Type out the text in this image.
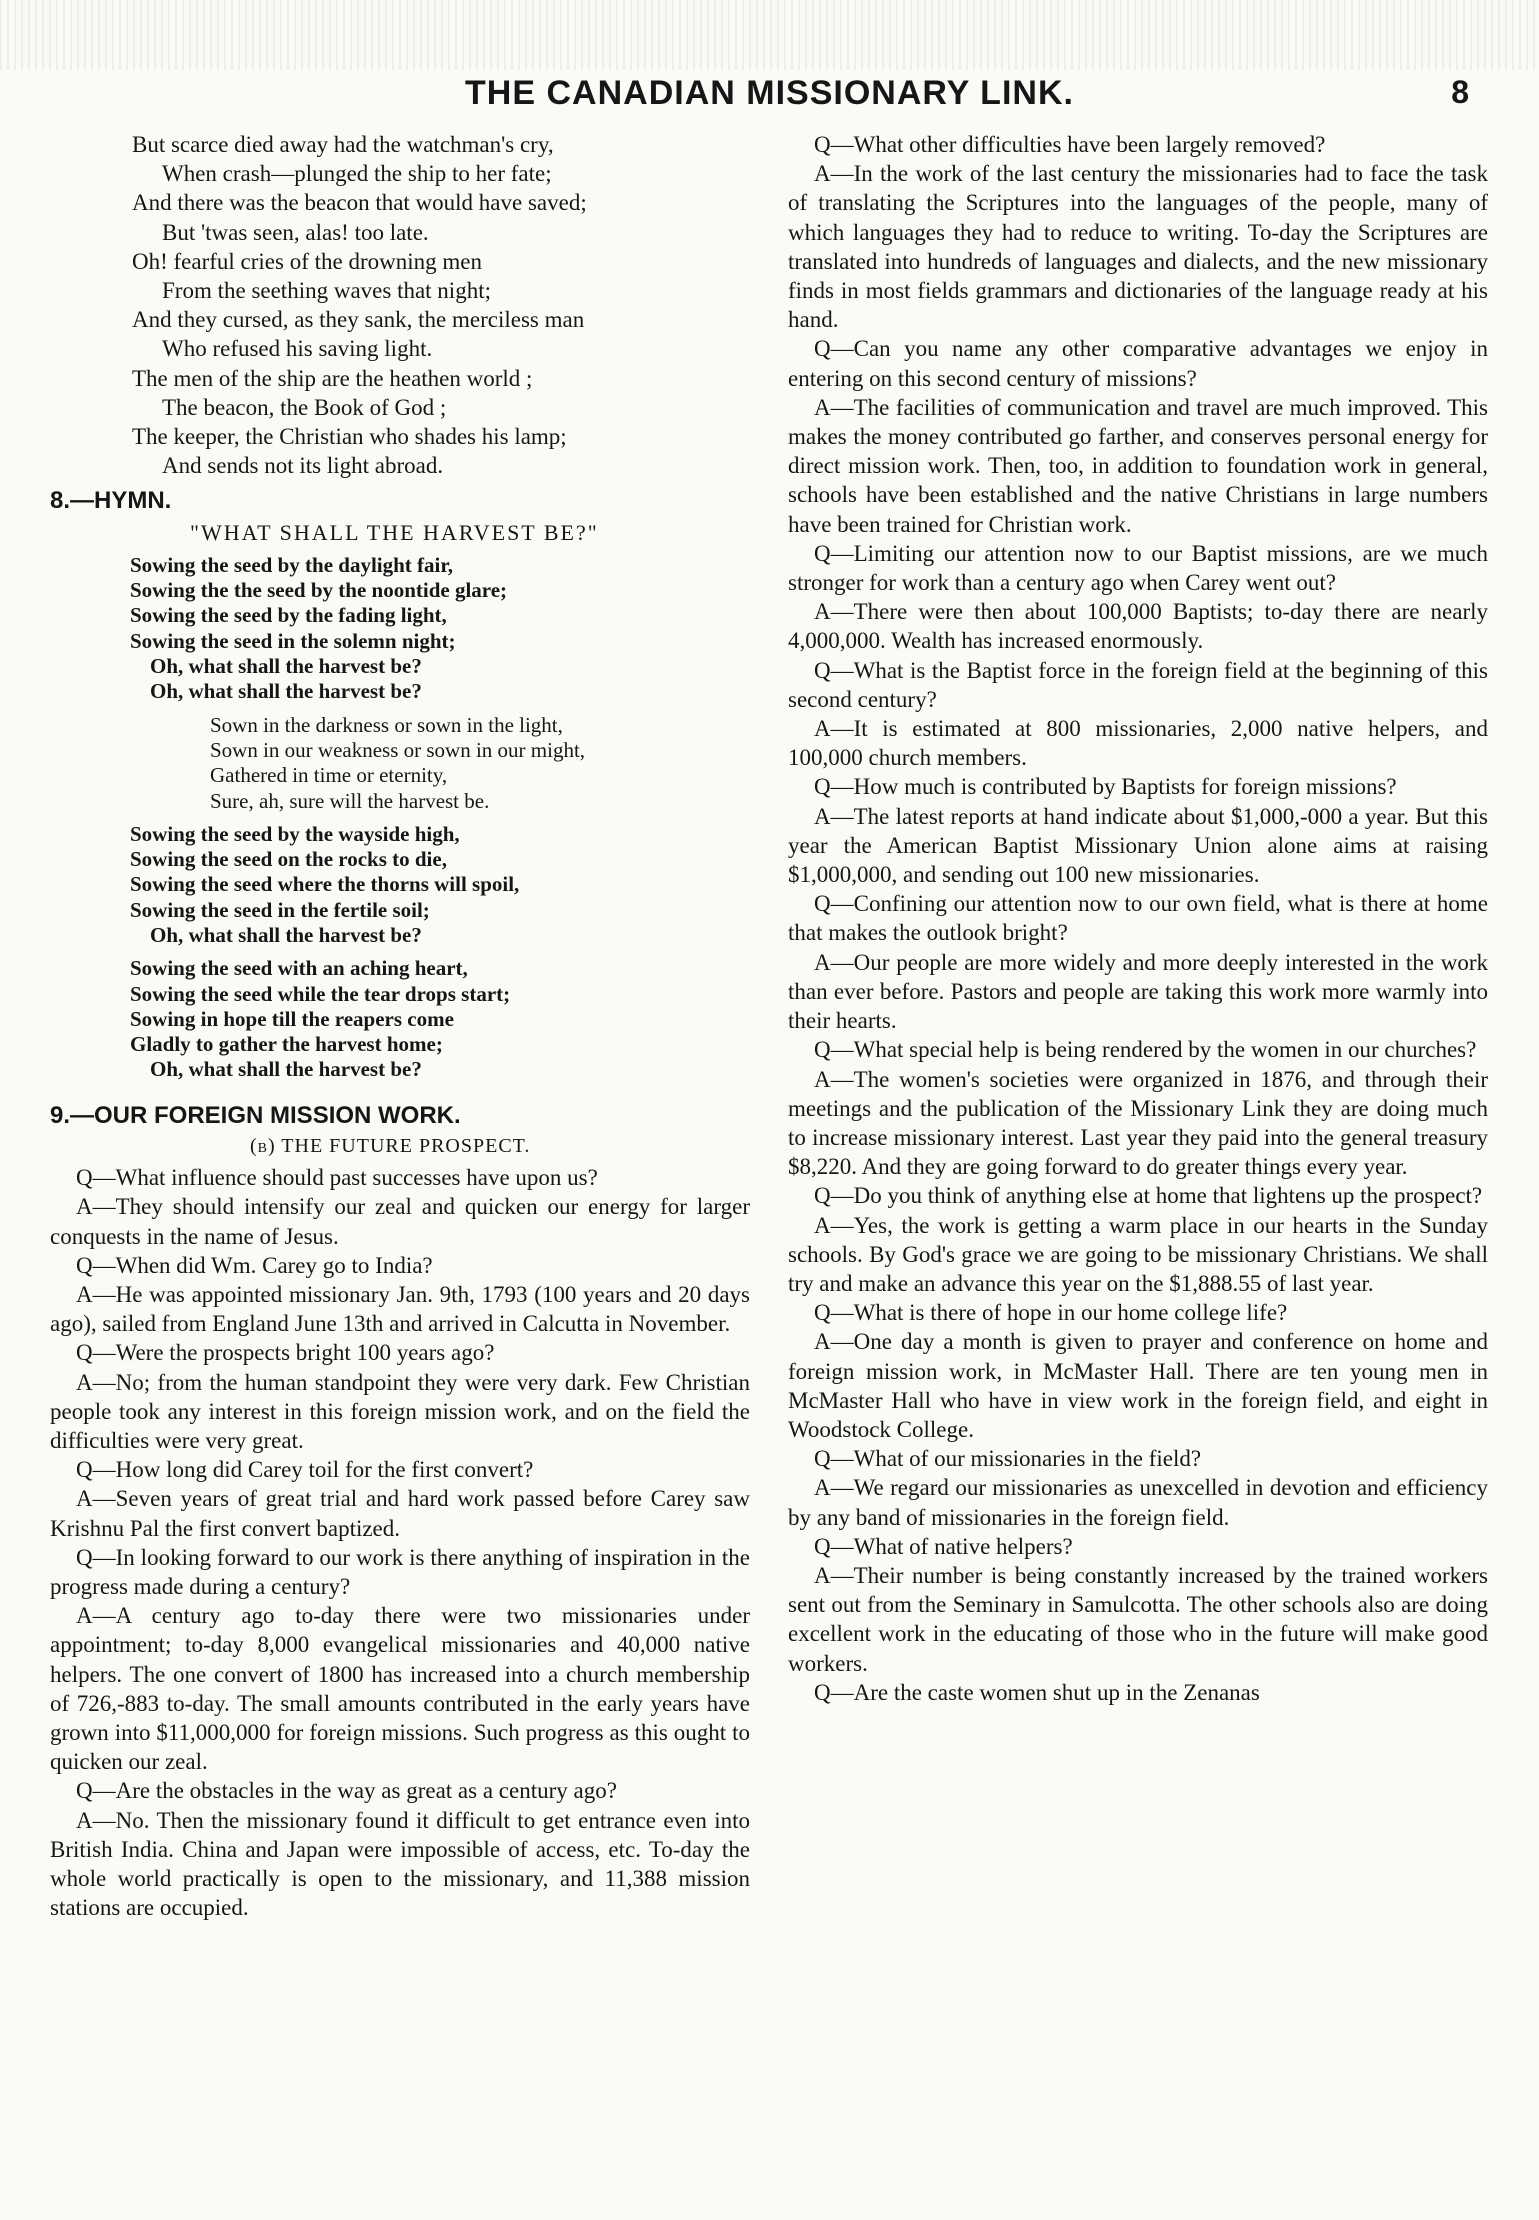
THE CANADIAN MISSIONARY LINK.	8
But scarce died away had the watchman's cry,
When crash—plunged the ship to her fate;
And there was the beacon that would have saved;
But 'twas seen, alas! too late.
Oh! fearful cries of the drowning men
From the seething waves that night;
And they cursed, as they sank, the merciless man
Who refused his saving light.
The men of the ship are the heathen world ;
The beacon, the Book of God ;
The keeper, the Christian who shades his lamp;
And sends not its light abroad.
8.—HYMN.
"WHAT SHALL THE HARVEST BE?"
Sowing the seed by the daylight fair,
Sowing the the seed by the noontide glare;
Sowing the seed by the fading light,
Sowing the seed in the solemn night;
Oh, what shall the harvest be?
Oh, what shall the harvest be?
Sown in the darkness or sown in the light,
Sown in our weakness or sown in our might,
Gathered in time or eternity,
Sure, ah, sure will the harvest be.
Sowing the seed by the wayside high,
Sowing the seed on the rocks to die,
Sowing the seed where the thorns will spoil,
Sowing the seed in the fertile soil;
Oh, what shall the harvest be?
Sowing the seed with an aching heart,
Sowing the seed while the tear drops start;
Sowing in hope till the reapers come
Gladly to gather the harvest home;
Oh, what shall the harvest be?
9.—OUR FOREIGN MISSION WORK.
(b) THE FUTURE PROSPECT.

Q—What influence should past successes have upon us?

A—They should intensify our zeal and quicken our energy for larger conquests in the name of Jesus.

Q—When did Wm. Carey go to India?

A—He was appointed missionary Jan. 9th, 1793 (100 years and 20 days ago), sailed from England June 13th and arrived in Calcutta in November.

Q—Were the prospects bright 100 years ago?

A—No; from the human standpoint they were very dark. Few Christian people took any interest in this foreign mission work, and on the field the difficulties were very great.

Q—How long did Carey toil for the first convert?

A—Seven years of great trial and hard work passed before Carey saw Krishnu Pal the first convert baptized.

Q—In looking forward to our work is there anything of inspiration in the progress made during a century?

A—A century ago to-day there were two missionaries under appointment; to-day 8,000 evangelical missionaries and 40,000 native helpers. The one convert of 1800 has increased into a church membership of 726,-883 to-day. The small amounts contributed in the early years have grown into $11,000,000 for foreign missions. Such progress as this ought to quicken our zeal.

Q—Are the obstacles in the way as great as a century ago?

A—No. Then the missionary found it difficult to get entrance even into British India. China and Japan were impossible of access, etc. To-day the whole world practically is open to the missionary, and 11,388 mission stations are occupied.

Q—What other difficulties have been largely removed?

A—In the work of the last century the missionaries had to face the task of translating the Scriptures into the languages of the people, many of which languages they had to reduce to writing. To-day the Scriptures are translated into hundreds of languages and dialects, and the new missionary finds in most fields grammars and dictionaries of the language ready at his hand.

Q—Can you name any other comparative advantages we enjoy in entering on this second century of missions?

A—The facilities of communication and travel are much improved. This makes the money contributed go farther, and conserves personal energy for direct mission work. Then, too, in addition to foundation work in general, schools have been established and the native Christians in large numbers have been trained for Christian work.

Q—Limiting our attention now to our Baptist missions, are we much stronger for work than a century ago when Carey went out?

A—There were then about 100,000 Baptists; to-day there are nearly 4,000,000. Wealth has increased enormously.

Q—What is the Baptist force in the foreign field at the beginning of this second century?

A—It is estimated at 800 missionaries, 2,000 native helpers, and 100,000 church members.

Q—How much is contributed by Baptists for foreign missions?

A—The latest reports at hand indicate about $1,000,-000 a year. But this year the American Baptist Missionary Union alone aims at raising $1,000,000, and sending out 100 new missionaries.

Q—Confining our attention now to our own field, what is there at home that makes the outlook bright?

A—Our people are more widely and more deeply interested in the work than ever before. Pastors and people are taking this work more warmly into their hearts.

Q—What special help is being rendered by the women in our churches?

A—The women's societies were organized in 1876, and through their meetings and the publication of the Missionary Link they are doing much to increase missionary interest. Last year they paid into the general treasury $8,220. And they are going forward to do greater things every year.

Q—Do you think of anything else at home that lightens up the prospect?

A—Yes, the work is getting a warm place in our hearts in the Sunday schools. By God's grace we are going to be missionary Christians. We shall try and make an advance this year on the $1,888.55 of last year.

Q—What is there of hope in our home college life?

A—One day a month is given to prayer and conference on home and foreign mission work, in McMaster Hall. There are ten young men in McMaster Hall who have in view work in the foreign field, and eight in Woodstock College.

Q—What of our missionaries in the field?

A—We regard our missionaries as unexcelled in devotion and efficiency by any band of missionaries in the foreign field.

Q—What of native helpers?

A—Their number is being constantly increased by the trained workers sent out from the Seminary in Samulcotta. The other schools also are doing excellent work in the educating of those who in the future will make good workers.

Q—Are the caste women shut up in the Zenanas
